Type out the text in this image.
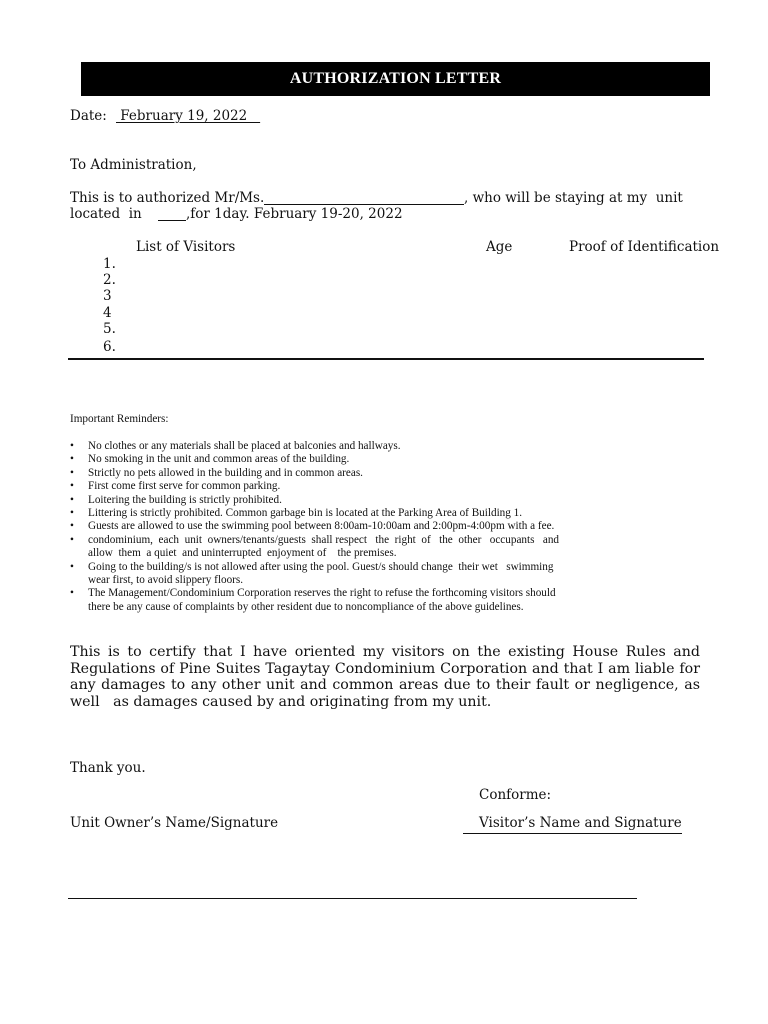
AUTHORIZATION LETTER
Date: February 19, 2022
To Administration,
This is to authorized Mr/Ms.	, who will be staying at my  unit
located  in	,for 1day. February 19-20, 2022
List of Visitors	Age	Proof of Identification
1.
2.
3
4
5.
6.
Important Reminders:
• No clothes or any materials shall be placed at balconies and hallways.
• No smoking in the unit and common areas of the building.
• Strictly no pets allowed in the building and in common areas.
• First come first serve for common parking.
• Loitering the building is strictly prohibited.
• Littering is strictly prohibited. Common garbage bin is located at the Parking Area of Building 1.
• Guests are allowed to use the swimming pool between 8:00am-10:00am and 2:00pm-4:00pm with a fee.
• condominium,  each  unit  owners/tenants/guests  shall respect   the  right  of   the  other   occupants   and
allow  them  a quiet  and uninterrupted  enjoyment of    the premises.
• Going to the building/s is not allowed after using the pool. Guest/s should change  their wet   swimming
wear first, to avoid slippery floors.
• The Management/Condominium Corporation reserves the right to refuse the forthcoming visitors should
there be any cause of complaints by other resident due to noncompliance of the above guidelines.
This is to certify that I have oriented my visitors on the existing House Rules and
Regulations of Pine Suites Tagaytay Condominium Corporation and that I am liable for
any damages to any other unit and common areas due to their fault or negligence, as
well   as damages caused by and originating from my unit.
Thank you.
Conforme:
Unit Owner’s Name/Signature	Visitor’s Name and Signature
